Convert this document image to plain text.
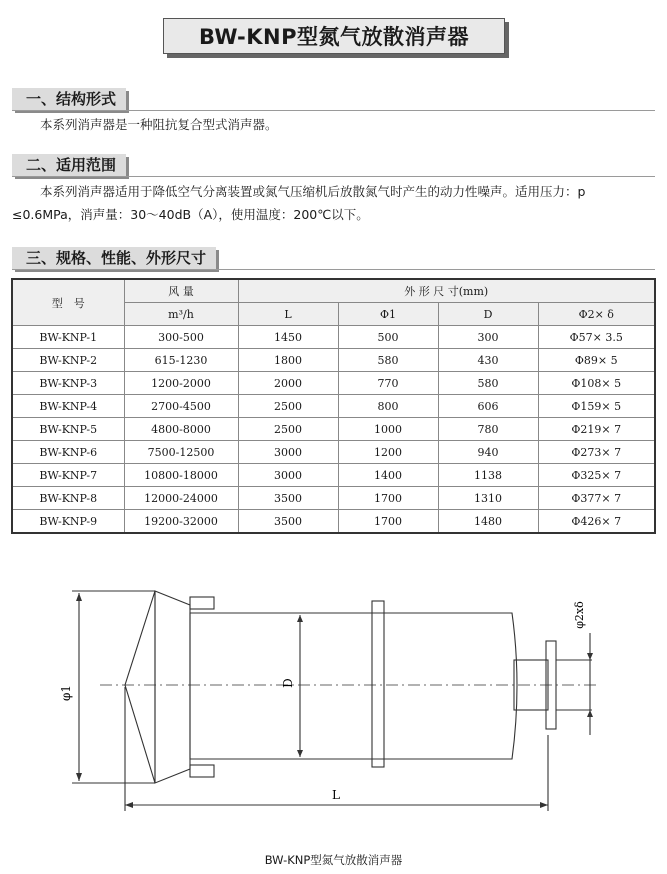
BW-KNP型氮气放散消声器
一、结构形式
本系列消声器是一种阻抗复合型式消声器。
二、适用范围
本系列消声器适用于降低空气分离装置或氮气压缩机后放散氮气时产生的动力性噪声。适用压力：p
≤0.6MPa，消声量：30～40dB（A），使用温度：200℃以下。
三、规格、性能、外形尺寸
型　号	风 量	外 形 尺 寸(mm)			
	m³/h	L	Φ1	D	Φ2× δ
BW-KNP-1	300-500	1450	500	300	Φ57× 3.5
BW-KNP-2	615-1230	1800	580	430	Φ89× 5
BW-KNP-3	1200-2000	2000	770	580	Φ108× 5
BW-KNP-4	2700-4500	2500	800	606	Φ159× 5
BW-KNP-5	4800-8000	2500	1000	780	Φ219× 7
BW-KNP-6	7500-12500	3000	1200	940	Φ273× 7
BW-KNP-7	10800-18000	3000	1400	1138	Φ325× 7
BW-KNP-8	12000-24000	3500	1700	1310	Φ377× 7
BW-KNP-9	19200-32000	3500	1700	1480	Φ426× 7
φ1
D
L
φ2xδ
BW-KNP型氮气放散消声器
